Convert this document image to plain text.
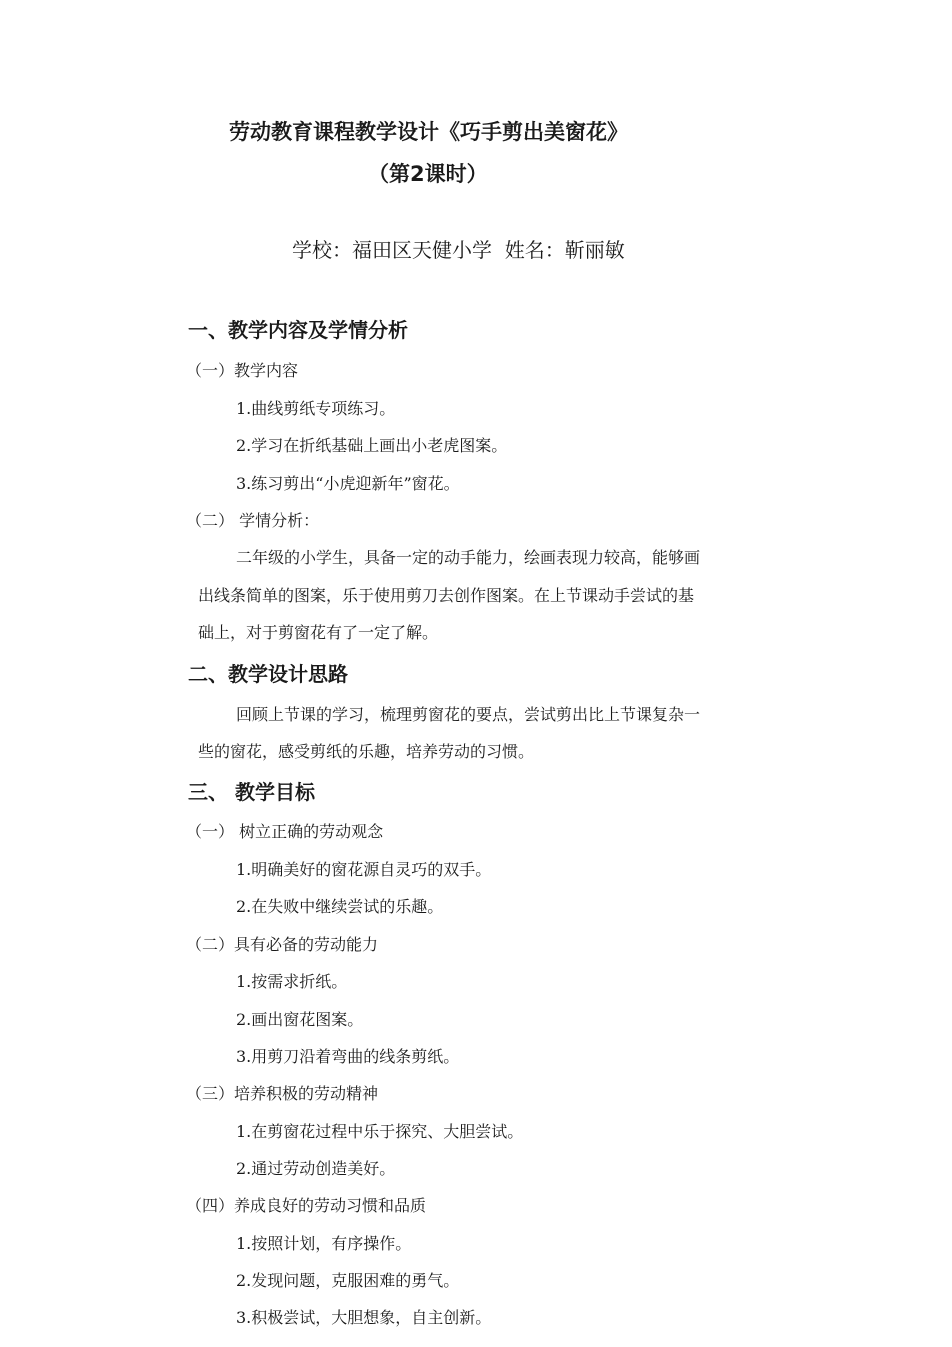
劳动教育课程教学设计《巧手剪出美窗花》
（第2课时）
学校：福田区天健小学  姓名：靳丽敏
一、教学内容及学情分析
（一）教学内容
1.曲线剪纸专项练习。
2.学习在折纸基础上画出小老虎图案。
3.练习剪出“小虎迎新年”窗花。
（二） 学情分析：
二年级的小学生，具备一定的动手能力，绘画表现力较高，能够画
出线条简单的图案，乐于使用剪刀去创作图案。在上节课动手尝试的基
础上，对于剪窗花有了一定了解。
二、教学设计思路
回顾上节课的学习，梳理剪窗花的要点，尝试剪出比上节课复杂一
些的窗花，感受剪纸的乐趣，培养劳动的习惯。
三、 教学目标
（一） 树立正确的劳动观念
1.明确美好的窗花源自灵巧的双手。
2.在失败中继续尝试的乐趣。
（二）具有必备的劳动能力
1.按需求折纸。
2.画出窗花图案。
3.用剪刀沿着弯曲的线条剪纸。
（三）培养积极的劳动精神
1.在剪窗花过程中乐于探究、大胆尝试。
2.通过劳动创造美好。
（四）养成良好的劳动习惯和品质
1.按照计划，有序操作。
2.发现问题，克服困难的勇气。
3.积极尝试，大胆想象，自主创新。
